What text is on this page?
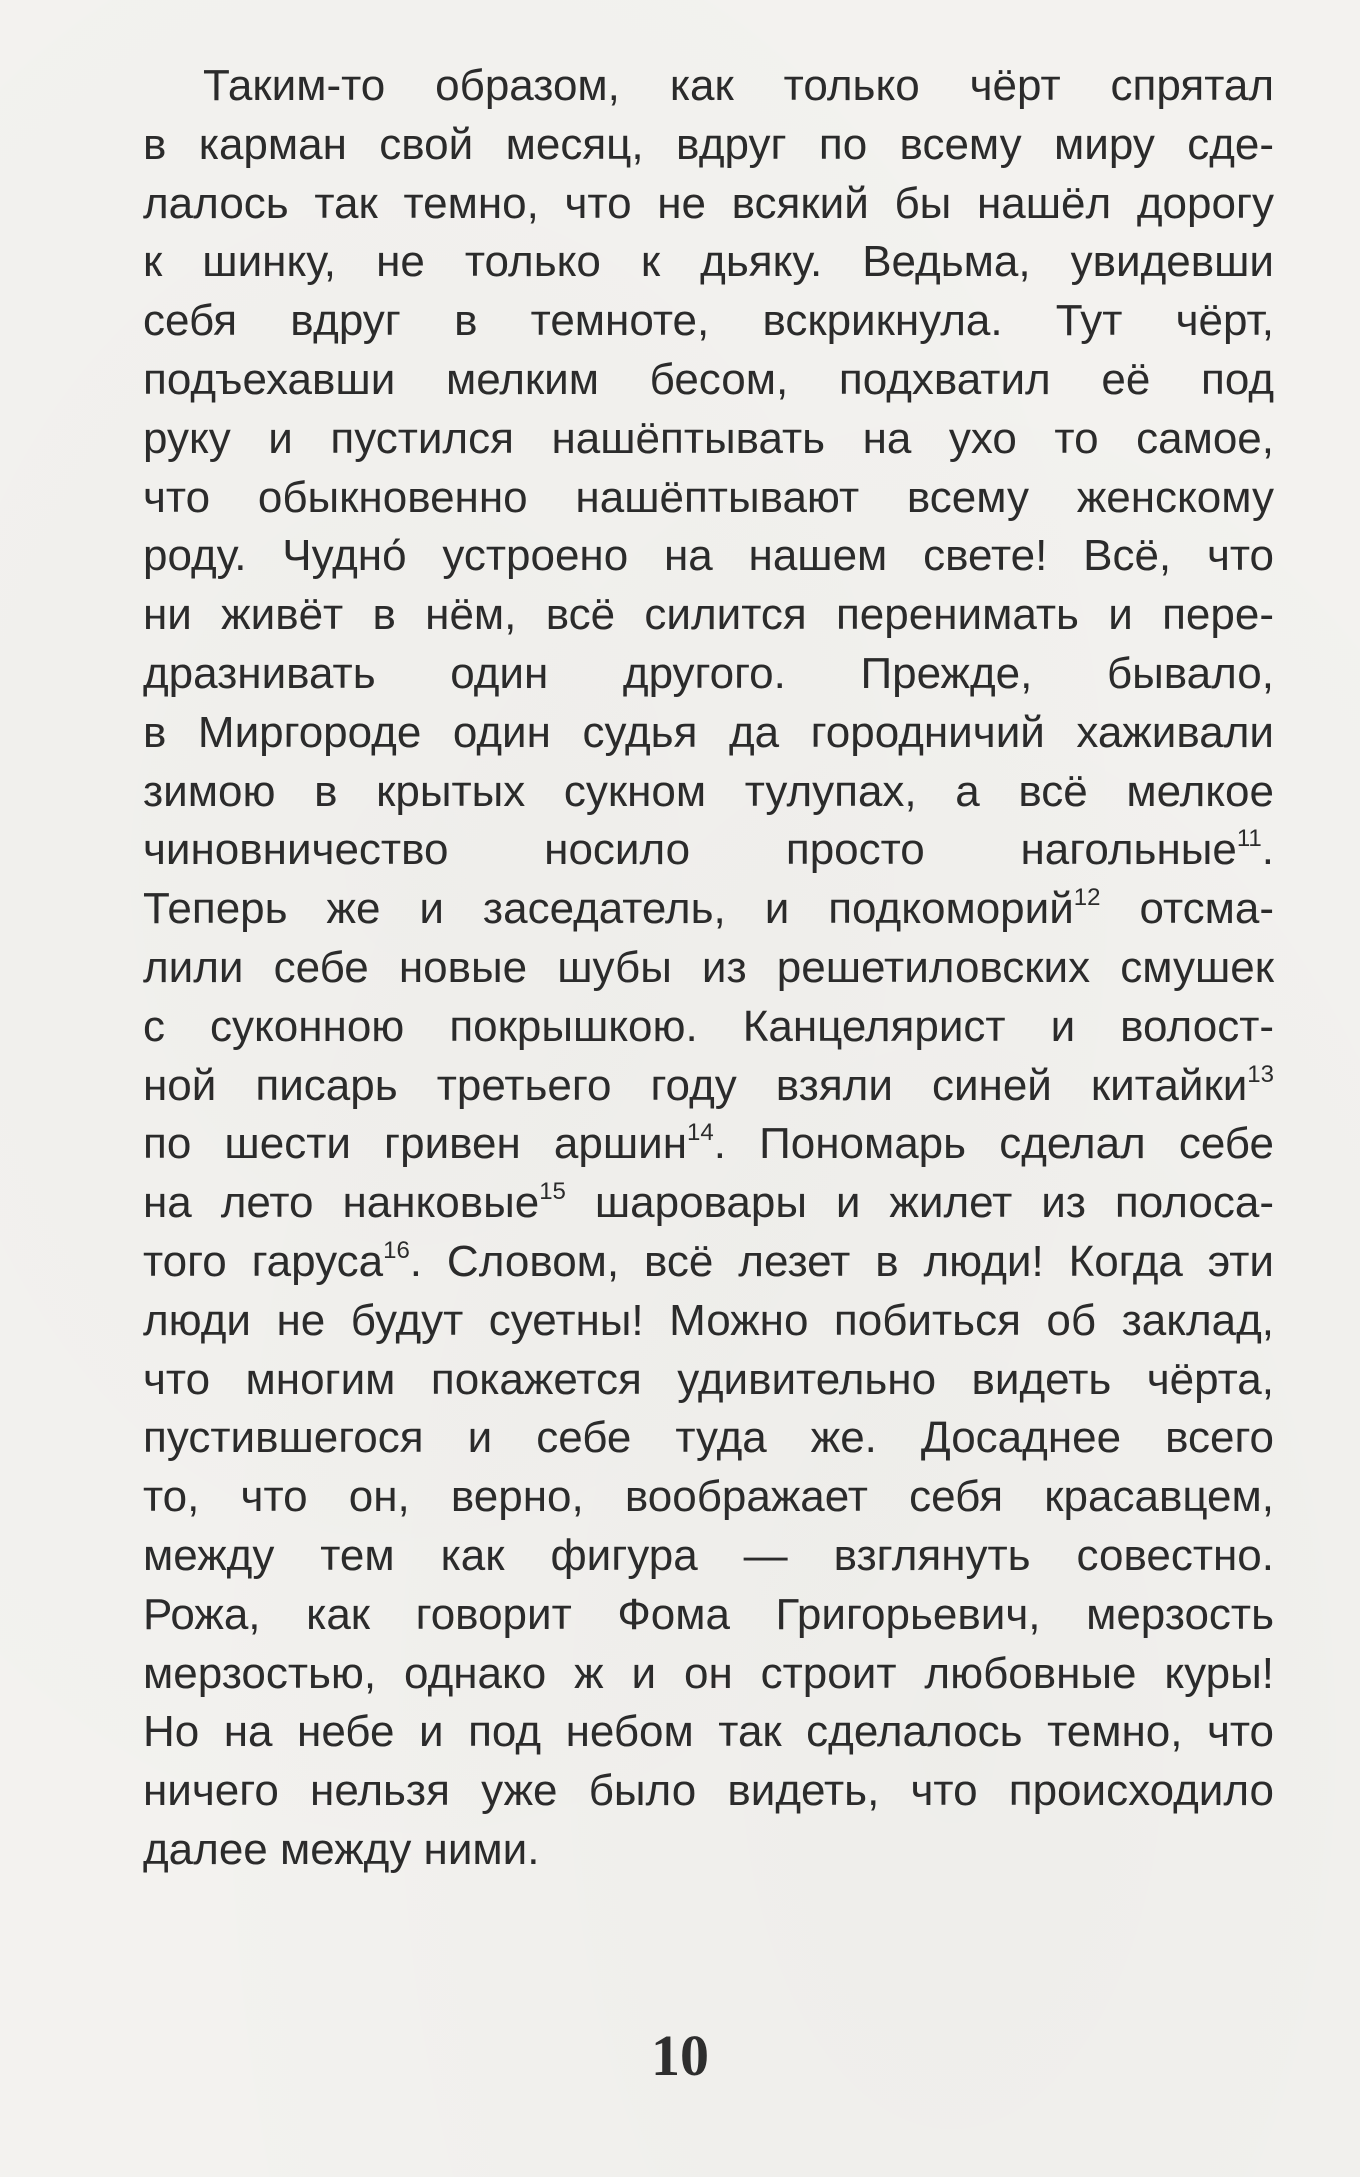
Таким-то образом, как только чёрт спрятал
в карман свой месяц, вдруг по всему миру сде-
лалось так темно, что не всякий бы нашёл дорогу
к шинку, не только к дьяку. Ведьма, увидевши
себя вдруг в темноте, вскрикнула. Тут чёрт,
подъехавши мелким бесом, подхватил её под
руку и пустился нашёптывать на ухо то самое,
что обыкновенно нашёптывают всему женскому
роду. Чудно́ устроено на нашем свете! Всё, что
ни живёт в нём, всё силится перенимать и пере-
дразнивать один другого. Прежде, бывало,
в Миргороде один судья да городничий хаживали
зимою в крытых сукном тулупах, а всё мелкое
чиновничество носило просто нагольные$^{11}$.
Теперь же и заседатель, и подкоморий$^{12}$ отсма-
лили себе новые шубы из решетиловских смушек
с суконною покрышкою. Канцелярист и волост-
ной писарь третьего году взяли синей китайки$^{13}$
по шести гривен аршин$^{14}$. Пономарь сделал себе
на лето нанковые$^{15}$ шаровары и жилет из полоса-
того гаруса$^{16}$. Словом, всё лезет в люди! Когда эти
люди не будут суетны! Можно побиться об заклад,
что многим покажется удивительно видеть чёрта,
пустившегося и себе туда же. Досаднее всего
то, что он, верно, воображает себя красавцем,
между тем как фигура — взглянуть совестно.
Рожа, как говорит Фома Григорьевич, мерзость
мерзостью, однако ж и он строит любовные куры!
Но на небе и под небом так сделалось темно, что
ничего нельзя уже было видеть, что происходило
далее между ними.
10
